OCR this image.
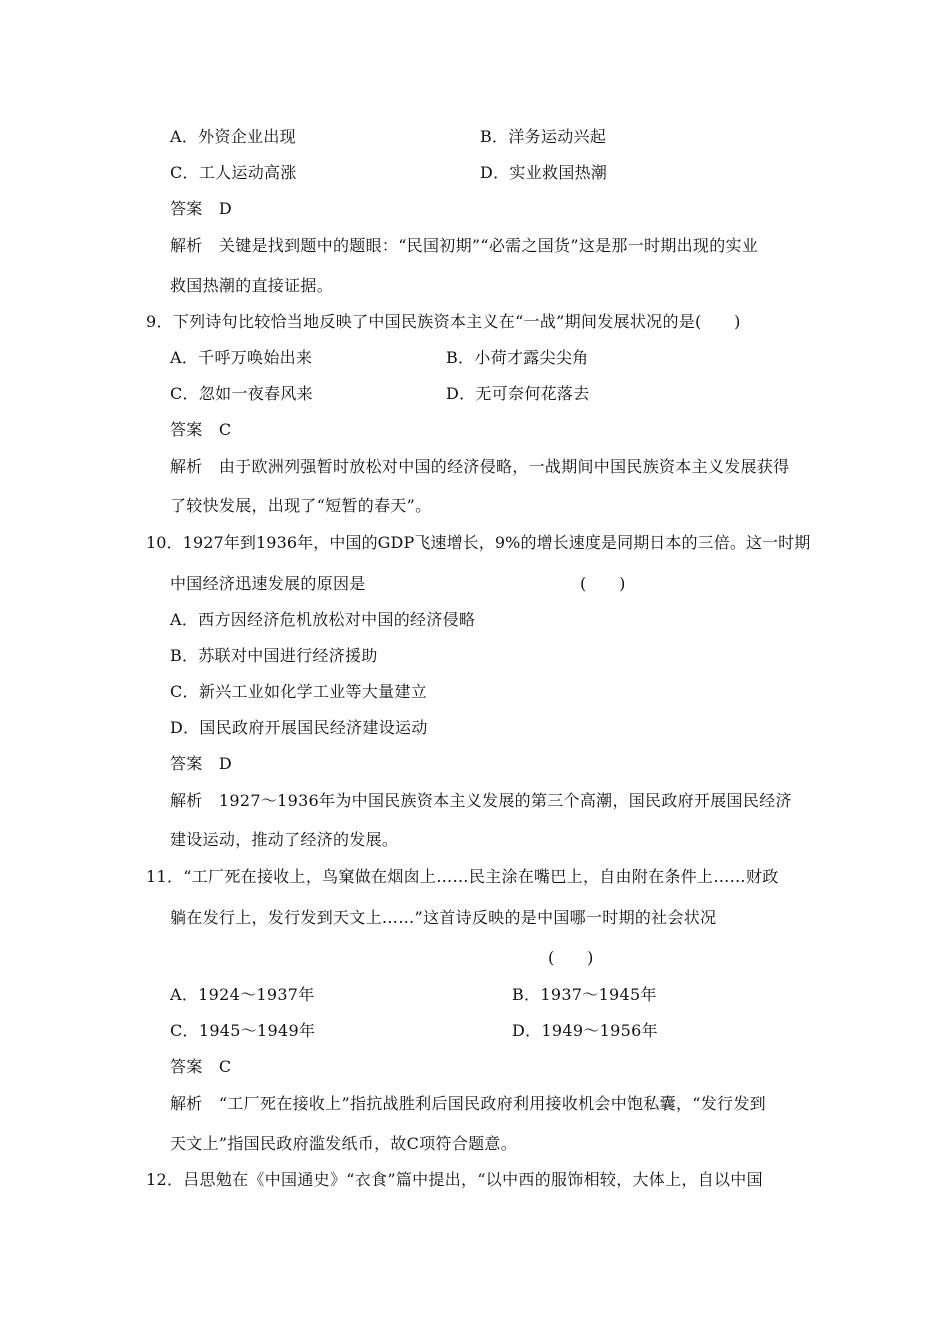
A．外资企业出现	B．洋务运动兴起
C．工人运动高涨	D．实业救国热潮
答案　D
解析　关键是找到题中的题眼：“民国初期”“必需之国货”这是那一时期出现的实业
救国热潮的直接证据。
9．下列诗句比较恰当地反映了中国民族资本主义在“一战”期间发展状况的是(　　)
A．千呼万唤始出来	B．小荷才露尖尖角
C．忽如一夜春风来	D．无可奈何花落去
答案　C
解析　由于欧洲列强暂时放松对中国的经济侵略，一战期间中国民族资本主义发展获得
了较快发展，出现了“短暂的春天”。
10．1927年到1936年，中国的GDP飞速增长，9%的增长速度是同期日本的三倍。这一时期
中国经济迅速发展的原因是	(　　)
A．西方因经济危机放松对中国的经济侵略
B．苏联对中国进行经济援助
C．新兴工业如化学工业等大量建立
D．国民政府开展国民经济建设运动
答案　D
解析　1927～1936年为中国民族资本主义发展的第三个高潮，国民政府开展国民经济
建设运动，推动了经济的发展。
11．“工厂死在接收上，鸟窠做在烟囱上……民主涂在嘴巴上，自由附在条件上……财政
躺在发行上，发行发到天文上……”这首诗反映的是中国哪一时期的社会状况
(　　)
A．1924～1937年	B．1937～1945年
C．1945～1949年	D．1949～1956年
答案　C
解析　“工厂死在接收上”指抗战胜利后国民政府利用接收机会中饱私囊，“发行发到
天文上”指国民政府滥发纸币，故C项符合题意。
12．吕思勉在《中国通史》“衣食”篇中提出，“以中西的服饰相较，大体上，自以中国
